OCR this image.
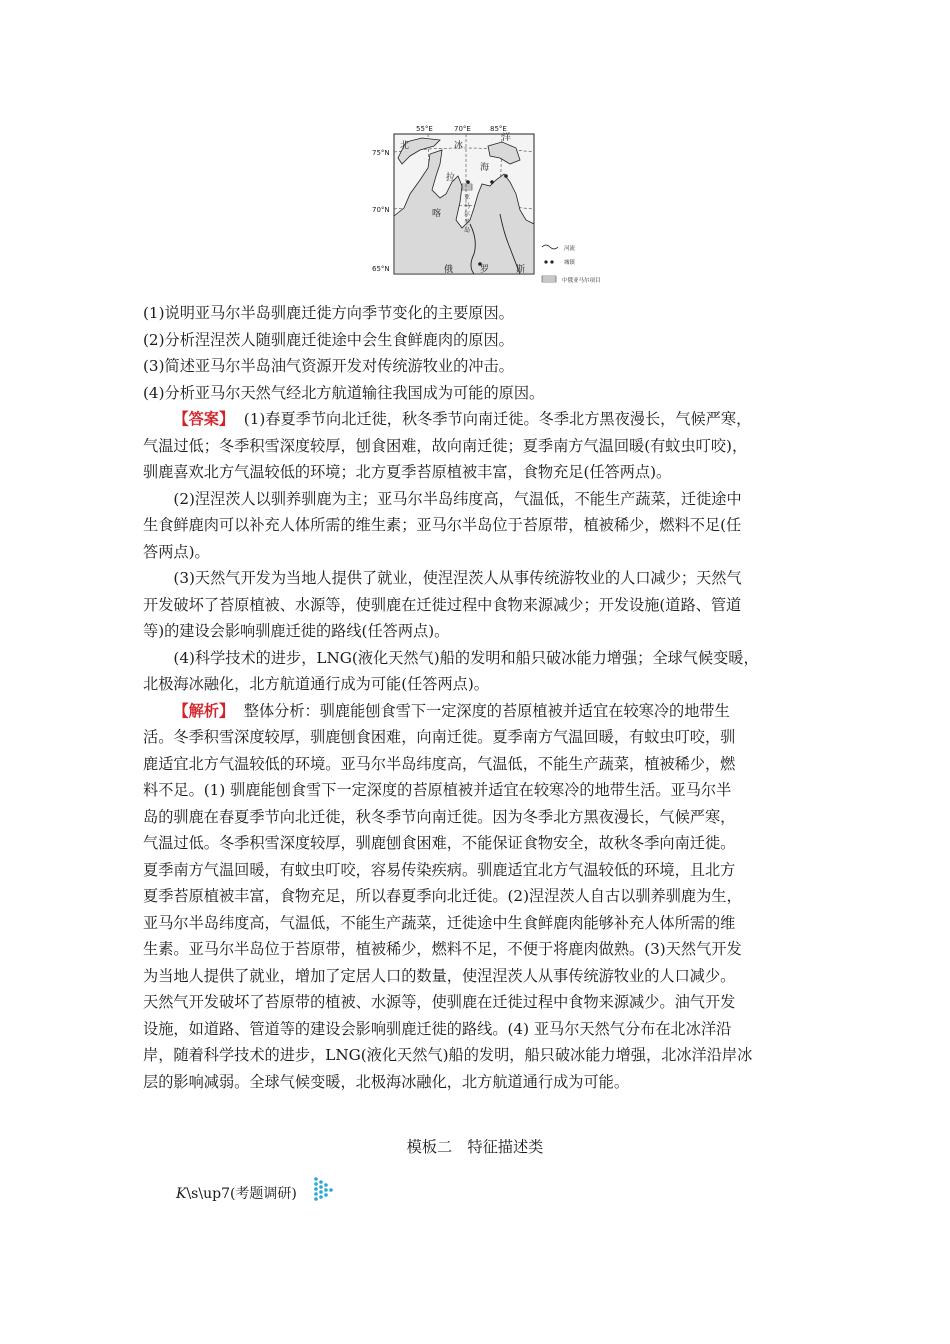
55°E	70°E	85°E
75°N
70°N
65°N
北	冰
洋
海
拉
喀
亚
马
尔
半
岛
俄	罗	斯
河流
城镇
中俄亚马尔项目

(1)说明亚马尔半岛驯鹿迁徙方向季节变化的主要原因。

(2)分析涅涅茨人随驯鹿迁徙途中会生食鲜鹿肉的原因。

(3)简述亚马尔半岛油气资源开发对传统游牧业的冲击。

(4)分析亚马尔天然气经北方航道输往我国成为可能的原因。

【答案】 (1)春夏季节向北迁徙，秋冬季节向南迁徙。冬季北方黑夜漫长，气候严寒，

气温过低；冬季积雪深度较厚，刨食困难，故向南迁徙；夏季南方气温回暖(有蚊虫叮咬)，

驯鹿喜欢北方气温较低的环境；北方夏季苔原植被丰富，食物充足(任答两点)。

(2)涅涅茨人以驯养驯鹿为主；亚马尔半岛纬度高，气温低，不能生产蔬菜，迁徙途中

生食鲜鹿肉可以补充人体所需的维生素；亚马尔半岛位于苔原带，植被稀少，燃料不足(任

答两点)。

(3)天然气开发为当地人提供了就业，使涅涅茨人从事传统游牧业的人口减少；天然气

开发破坏了苔原植被、水源等，使驯鹿在迁徙过程中食物来源减少；开发设施(道路、管道

等)的建设会影响驯鹿迁徙的路线(任答两点)。

(4)科学技术的进步，LNG(液化天然气)船的发明和船只破冰能力增强；全球气候变暖，

北极海冰融化，北方航道通行成为可能(任答两点)。

【解析】 整体分析：驯鹿能刨食雪下一定深度的苔原植被并适宜在较寒冷的地带生

活。冬季积雪深度较厚，驯鹿刨食困难，向南迁徙。夏季南方气温回暖，有蚊虫叮咬，驯

鹿适宜北方气温较低的环境。亚马尔半岛纬度高，气温低，不能生产蔬菜，植被稀少，燃

料不足。(1) 驯鹿能刨食雪下一定深度的苔原植被并适宜在较寒冷的地带生活。亚马尔半

岛的驯鹿在春夏季节向北迁徙，秋冬季节向南迁徙。因为冬季北方黑夜漫长，气候严寒，

气温过低。冬季积雪深度较厚，驯鹿刨食困难，不能保证食物安全，故秋冬季向南迁徙。

夏季南方气温回暖，有蚊虫叮咬，容易传染疾病。驯鹿适宜北方气温较低的环境，且北方

夏季苔原植被丰富，食物充足，所以春夏季向北迁徙。(2)涅涅茨人自古以驯养驯鹿为生，

亚马尔半岛纬度高，气温低，不能生产蔬菜，迁徙途中生食鲜鹿肉能够补充人体所需的维

生素。亚马尔半岛位于苔原带，植被稀少，燃料不足，不便于将鹿肉做熟。(3)天然气开发

为当地人提供了就业，增加了定居人口的数量，使涅涅茨人从事传统游牧业的人口减少。

天然气开发破坏了苔原带的植被、水源等，使驯鹿在迁徙过程中食物来源减少。油气开发

设施，如道路、管道等的建设会影响驯鹿迁徙的路线。(4) 亚马尔天然气分布在北冰洋沿

岸，随着科学技术的进步，LNG(液化天然气)船的发明，船只破冰能力增强，北冰洋沿岸冰

层的影响减弱。全球气候变暖，北极海冰融化，北方航道通行成为可能。

模板二　特征描述类
K \s\up7(考题调研)
